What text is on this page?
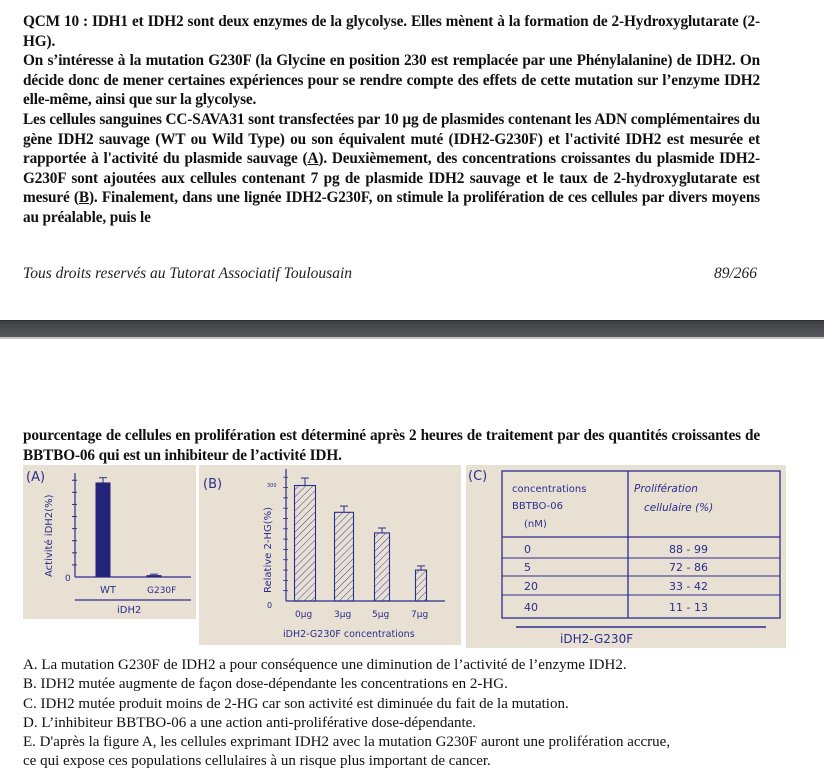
QCM 10 : IDH1 et IDH2 sont deux enzymes de la glycolyse. Elles mènent à la formation de 2-Hydroxyglutarate (2-HG).

On s’intéresse à la mutation G230F (la Glycine en position 230 est remplacée par une Phénylalanine) de IDH2. On décide donc de mener certaines expériences pour se rendre compte des effets de cette mutation sur l’enzyme IDH2 elle-même, ainsi que sur la glycolyse.

Les cellules sanguines CC-SAVA31 sont transfectées par 10 µg de plasmides contenant les ADN complémentaires du gène IDH2 sauvage (WT ou Wild Type) ou son équivalent muté (IDH2-G230F) et l'activité IDH2 est mesurée et rapportée à l'activité du plasmide sauvage (A). Deuxièmement, des concentrations croissantes du plasmide IDH2-G230F sont ajoutées aux cellules contenant 7 pg de plasmide IDH2 sauvage et le taux de 2-hydroxyglutarate est mesuré (B). Finalement, dans une lignée IDH2-G230F, on stimule la prolifération de ces cellules par divers moyens au préalable, puis le

Tous droits reservés au Tutorat Associatif Toulousain	89/266
pourcentage de cellules en prolifération est déterminé après 2 heures de traitement par des quantités croissantes de BBTBO-06 qui est un inhibiteur de l’activité IDH.
(A)
Activité iDH2(%)
0
WT	G230F
iDH2
(B)
Relative 2-HG(%)
0
300
0µg 3µg 5µg 7µg
iDH2-G230F concentrations
(C)
concentrations BBTBO-06 (nM)
Prolifération cellulaire (%)
0	88 - 99
5	72 - 86
20	33 - 42
40	11 - 13
iDH2-G230F
A. La mutation G230F de IDH2 a pour conséquence une diminution de l’activité de l’enzyme IDH2.
B. IDH2 mutée augmente de façon dose-dépendante les concentrations en 2-HG.
C. IDH2 mutée produit moins de 2-HG car son activité est diminuée du fait de la mutation.
D. L’inhibiteur BBTBO-06 a une action anti-proliférative dose-dépendante.
E. D'après la figure A, les cellules exprimant IDH2 avec la mutation G230F auront une prolifération accrue,
ce qui expose ces populations cellulaires à un risque plus important de cancer.
